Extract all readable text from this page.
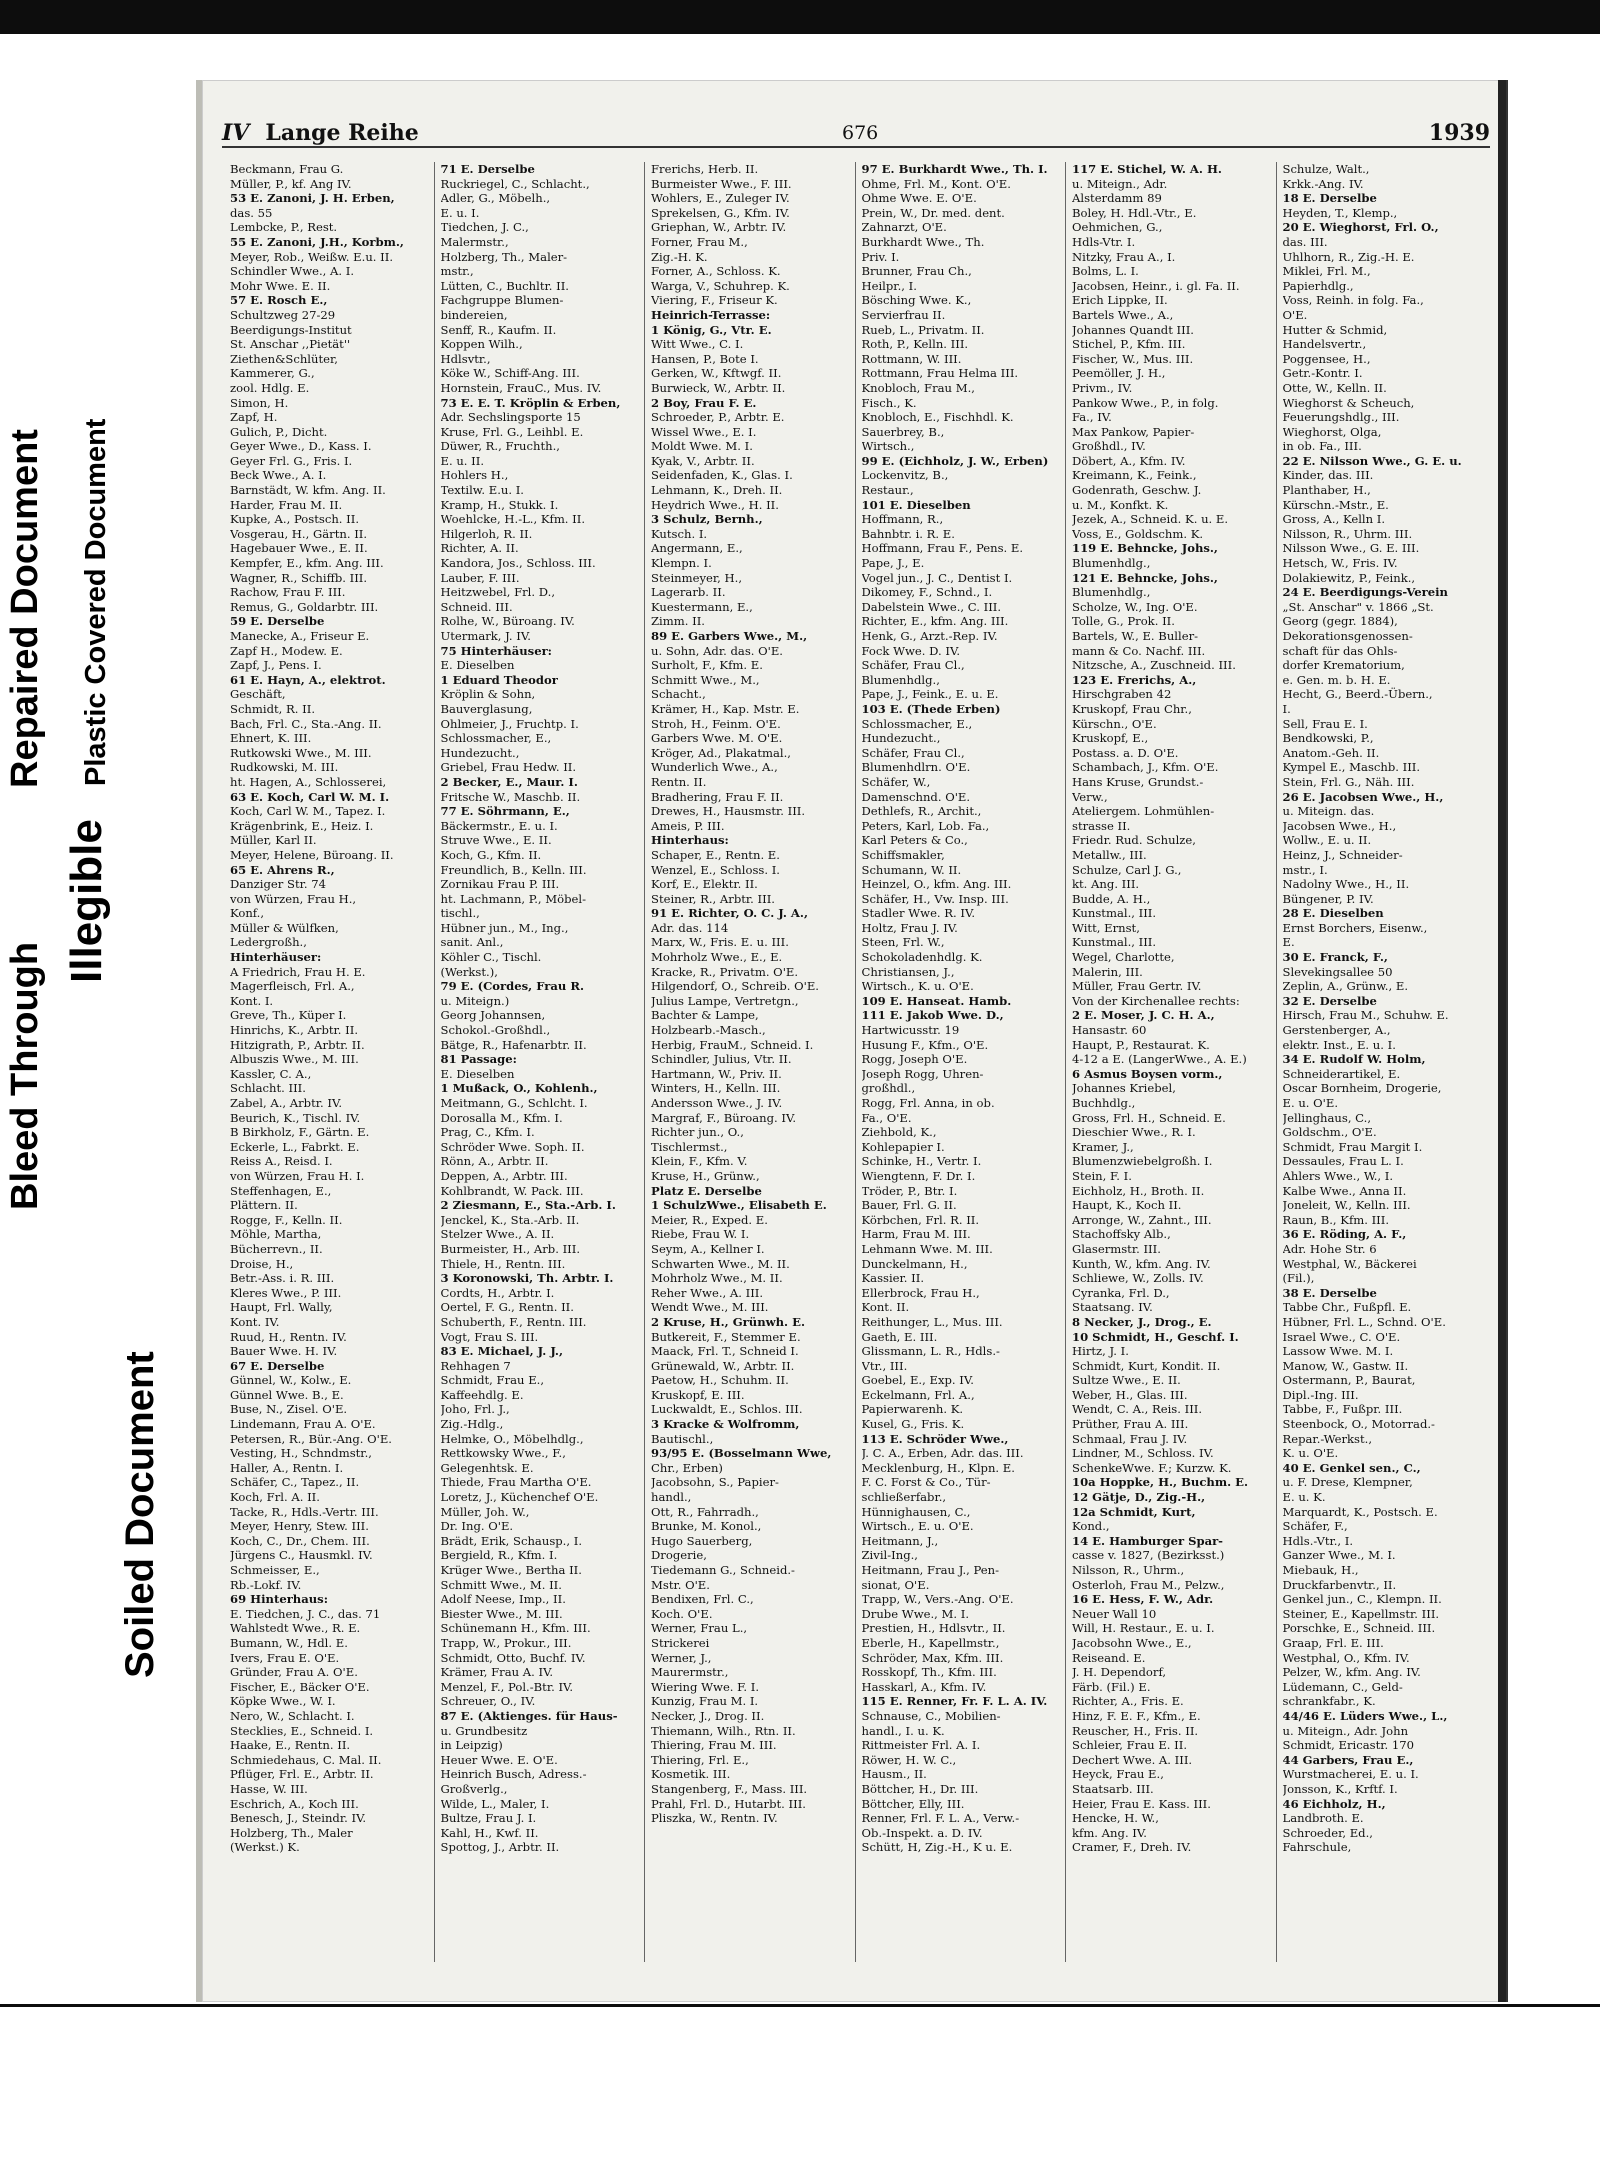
Bleed Through
Repaired Document
Illegible
Plastic Covered Document
Soiled Document
IV Lange Reihe	676	1939
Beckmann, Frau G.
Müller, P., kf. Ang IV.
53 E. Zanoni, J. H. Erben,
das. 55
Lembcke, P., Rest.
55 E. Zanoni, J.H., Korbm.,
Meyer, Rob., Weißw. E.u. II.
Schindler Wwe., A. I.
Mohr Wwe. E. II.
57 E. Rosch E.,
Schultzweg 27-29
Beerdigungs-Institut
St. Anschar ,,Pietät''
Ziethen&Schlüter,
Kammerer, G.,
zool. Hdlg. E.
Simon, H.
Zapf, H.
Gulich, P., Dicht.
Geyer Wwe., D., Kass. I.
Geyer Frl. G., Fris. I.
Beck Wwe., A. I.
Barnstädt, W. kfm. Ang. II.
Harder, Frau M. II.
Kupke, A., Postsch. II.
Vosgerau, H., Gärtn. II.
Hagebauer Wwe., E. II.
Kempfer, E., kfm. Ang. III.
Wagner, R., Schiffb. III.
Rachow, Frau F. III.
Remus, G., Goldarbtr. III.
59 E. Derselbe
Manecke, A., Friseur E.
Zapf H., Modew. E.
Zapf, J., Pens. I.
61 E. Hayn, A., elektrot.
Geschäft,
Schmidt, R. II.
Bach, Frl. C., Sta.-Ang. II.
Ehnert, K. III.
Rutkowski Wwe., M. III.
Rudkowski, M. III.
ht. Hagen, A., Schlosserei,
63 E. Koch, Carl W. M. I.
Koch, Carl W. M., Tapez. I.
Krägenbrink, E., Heiz. I.
Müller, Karl II.
Meyer, Helene, Büroang. II.
65 E. Ahrens R.,
Danziger Str. 74
von Würzen, Frau H.,
Konf.,
Müller & Wülfken,
Ledergroßh.,
Hinterhäuser:
A Friedrich, Frau H. E.
Magerfleisch, Frl. A.,
Kont. I.
Greve, Th., Küper I.
Hinrichs, K., Arbtr. II.
Hitzigrath, P., Arbtr. II.
Albuszis Wwe., M. III.
Kassler, C. A.,
Schlacht. III.
Zabel, A., Arbtr. IV.
Beurich, K., Tischl. IV.
B Birkholz, F., Gärtn. E.
Eckerle, L., Fabrkt. E.
Reiss A., Reisd. I.
von Würzen, Frau H. I.
Steffenhagen, E.,
Plättern. II.
Rogge, F., Kelln. II.
Möhle, Martha,
Bücherrevn., II.
Droise, H.,
Betr.-Ass. i. R. III.
Kleres Wwe., P. III.
Haupt, Frl. Wally,
Kont. IV.
Ruud, H., Rentn. IV.
Bauer Wwe. H. IV.
67 E. Derselbe
Günnel, W., Kolw., E.
Günnel Wwe. B., E.
Buse, N., Zisel. O'E.
Lindemann, Frau A. O'E.
Petersen, R., Bür.-Ang. O'E.
Vesting, H., Schndmstr.,
Haller, A., Rentn. I.
Schäfer, C., Tapez., II.
Koch, Frl. A. II.
Tacke, R., Hdls.-Vertr. III.
Meyer, Henry, Stew. III.
Koch, C., Dr., Chem. III.
Jürgens C., Hausmkl. IV.
Schmeisser, E.,
Rb.-Lokf. IV.
69 Hinterhaus:
E. Tiedchen, J. C., das. 71
Wahlstedt Wwe., R. E.
Bumann, W., Hdl. E.
Ivers, Frau E. O'E.
Gründer, Frau A. O'E.
Fischer, E., Bäcker O'E.
Köpke Wwe., W. I.
Nero, W., Schlacht. I.
Stecklies, E., Schneid. I.
Haake, E., Rentn. II.
Schmiedehaus, C. Mal. II.
Pflüger, Frl. E., Arbtr. II.
Hasse, W. III.
Eschrich, A., Koch III.
Benesch, J., Steindr. IV.
Holzberg, Th., Maler
(Werkst.) K.
71 E. Derselbe
Ruckriegel, C., Schlacht.,
Adler, G., Möbelh.,
E. u. I.
Tiedchen, J. C.,
Malermstr.,
Holzberg, Th., Maler-
mstr.,
Lütten, C., Buchltr. II.
Fachgruppe Blumen-
bindereien,
Senff, R., Kaufm. II.
Koppen Wilh.,
Hdlsvtr.,
Köke W., Schiff-Ang. III.
Hornstein, FrauC., Mus. IV.
73 E. E. T. Kröplin & Erben,
Adr. Sechslingsporte 15
Kruse, Frl. G., Leihbl. E.
Düwer, R., Fruchth.,
E. u. II.
Hohlers H.,
Textilw. E.u. I.
Kramp, H., Stukk. I.
Woehlcke, H.-L., Kfm. II.
Hilgerloh, R. II.
Richter, A. II.
Kandora, Jos., Schloss. III.
Lauber, F. III.
Heitzwebel, Frl. D.,
Schneid. III.
Rolhe, W., Büroang. IV.
Utermark, J. IV.
75 Hinterhäuser:
E. Dieselben
1 Eduard Theodor
Kröplin & Sohn,
Bauverglasung,
Ohlmeier, J., Fruchtp. I.
Schlossmacher, E.,
Hundezucht.,
Griebel, Frau Hedw. II.
2 Becker, E., Maur. I.
Fritsche W., Maschb. II.
77 E. Söhrmann, E.,
Bäckermstr., E. u. I.
Struve Wwe., E. II.
Koch, G., Kfm. II.
Freundlich, B., Kelln. III.
Zornikau Frau P. III.
ht. Lachmann, P., Möbel-
tischl.,
Hübner jun., M., Ing.,
sanit. Anl.,
Köhler C., Tischl.
(Werkst.),
79 E. (Cordes, Frau R.
u. Miteign.)
Georg Johannsen,
Schokol.-Großhdl.,
Bätge, R., Hafenarbtr. II.
81 Passage:
E. Dieselben
1 Mußack, O., Kohlenh.,
Meitmann, G., Schlcht. I.
Dorosalla M., Kfm. I.
Prag, C., Kfm. I.
Schröder Wwe. Soph. II.
Rönn, A., Arbtr. II.
Deppen, A., Arbtr. III.
Kohlbrandt, W. Pack. III.
2 Ziesmann, E., Sta.-Arb. I.
Jenckel, K., Sta.-Arb. II.
Stelzer Wwe., A. II.
Burmeister, H., Arb. III.
Thiele, H., Rentn. III.
3 Koronowski, Th. Arbtr. I.
Cordts, H., Arbtr. I.
Oertel, F. G., Rentn. II.
Schuberth, F., Rentn. III.
Vogt, Frau S. III.
83 E. Michael, J. J.,
Rehhagen 7
Schmidt, Frau E.,
Kaffeehdlg. E.
Joho, Frl. J.,
Zig.-Hdlg.,
Helmke, O., Möbelhdlg.,
Rettkowsky Wwe., F.,
Gelegenhtsk. E.
Thiede, Frau Martha O'E.
Loretz, J., Küchenchef O'E.
Müller, Joh. W.,
Dr. Ing. O'E.
Brädt, Erik, Schausp., I.
Bergield, R., Kfm. I.
Krüger Wwe., Bertha II.
Schmitt Wwe., M. II.
Adolf Neese, Imp., II.
Biester Wwe., M. III.
Schünemann H., Kfm. III.
Trapp, W., Prokur., III.
Schmidt, Otto, Buchf. IV.
Krämer, Frau A. IV.
Menzel, F., Pol.-Btr. IV.
Schreuer, O., IV.
87 E. (Aktienges. für Haus-
u. Grundbesitz
in Leipzig)
Heuer Wwe. E. O'E.
Heinrich Busch, Adress.-
Großverlg.,
Wilde, L., Maler, I.
Bultze, Frau J. I.
Kahl, H., Kwf. II.
Spottog, J., Arbtr. II.
Frerichs, Herb. II.
Burmeister Wwe., F. III.
Wohlers, E., Zuleger IV.
Sprekelsen, G., Kfm. IV.
Griephan, W., Arbtr. IV.
Forner, Frau M.,
Zig.-H. K.
Forner, A., Schloss. K.
Warga, V., Schuhrep. K.
Viering, F., Friseur K.
Heinrich-Terrasse:
1 König, G., Vtr. E.
Witt Wwe., C. I.
Hansen, P., Bote I.
Gerken, W., Kftwgf. II.
Burwieck, W., Arbtr. II.
2 Boy, Frau F. E.
Schroeder, P., Arbtr. E.
Wissel Wwe., E. I.
Moldt Wwe. M. I.
Kyak, V., Arbtr. II.
Seidenfaden, K., Glas. I.
Lehmann, K., Dreh. II.
Heydrich Wwe., H. II.
3 Schulz, Bernh.,
Kutsch. I.
Angermann, E.,
Klempn. I.
Steinmeyer, H.,
Lagerarb. II.
Kuestermann, E.,
Zimm. II.
89 E. Garbers Wwe., M.,
u. Sohn, Adr. das. O'E.
Surholt, F., Kfm. E.
Schmitt Wwe., M.,
Schacht.,
Krämer, H., Kap. Mstr. E.
Stroh, H., Feinm. O'E.
Garbers Wwe. M. O'E.
Kröger, Ad., Plakatmal.,
Wunderlich Wwe., A.,
Rentn. II.
Bradhering, Frau F. II.
Drewes, H., Hausmstr. III.
Ameis, P. III.
Hinterhaus:
Schaper, E., Rentn. E.
Wenzel, E., Schloss. I.
Korf, E., Elektr. II.
Steiner, R., Arbtr. III.
91 E. Richter, O. C. J. A.,
Adr. das. 114
Marx, W., Fris. E. u. III.
Mohrholz Wwe., E., E.
Kracke, R., Privatm. O'E.
Hilgendorf, O., Schreib. O'E.
Julius Lampe, Vertretgn.,
Bachter & Lampe,
Holzbearb.-Masch.,
Herbig, FrauM., Schneid. I.
Schindler, Julius, Vtr. II.
Hartmann, W., Priv. II.
Winters, H., Kelln. III.
Andersson Wwe., J. IV.
Margraf, F., Büroang. IV.
Richter jun., O.,
Tischlermst.,
Klein, F., Kfm. V.
Kruse, H., Grünw.,
Platz E. Derselbe
1 SchulzWwe., Elisabeth E.
Meier, R., Exped. E.
Riebe, Frau W. I.
Seym, A., Kellner I.
Schwarten Wwe., M. II.
Mohrholz Wwe., M. II.
Reher Wwe., A. III.
Wendt Wwe., M. III.
2 Kruse, H., Grünwh. E.
Butkereit, F., Stemmer E.
Maack, Frl. T., Schneid I.
Grünewald, W., Arbtr. II.
Paetow, H., Schuhm. II.
Kruskopf, E. III.
Luckwaldt, E., Schlos. III.
3 Kracke & Wolfromm,
Bautischl.,
93/95 E. (Bosselmann Wwe,
Chr., Erben)
Jacobsohn, S., Papier-
handl.,
Ott, R., Fahrradh.,
Brunke, M. Konol.,
Hugo Sauerberg,
Drogerie,
Tiedemann G., Schneid.-
Mstr. O'E.
Bendixen, Frl. C.,
Koch. O'E.
Werner, Frau L.,
Strickerei
Werner, J.,
Maurermstr.,
Wiering Wwe. F. I.
Kunzig, Frau M. I.
Necker, J., Drog. II.
Thiemann, Wilh., Rtn. II.
Thiering, Frau M. III.
Thiering, Frl. E.,
Kosmetik. III.
Stangenberg, F., Mass. III.
Prahl, Frl. D., Hutarbt. III.
Pliszka, W., Rentn. IV.
97 E. Burkhardt Wwe., Th. I.
Ohme, Frl. M., Kont. O'E.
Ohme Wwe. E. O'E.
Prein, W., Dr. med. dent.
Zahnarzt, O'E.
Burkhardt Wwe., Th.
Priv. I.
Brunner, Frau Ch.,
Heilpr., I.
Bösching Wwe. K.,
Servierfrau II.
Rueb, L., Privatm. II.
Roth, P., Kelln. III.
Rottmann, W. III.
Rottmann, Frau Helma III.
Knobloch, Frau M.,
Fisch., K.
Knobloch, E., Fischhdl. K.
Sauerbrey, B.,
Wirtsch.,
99 E. (Eichholz, J. W., Erben)
Lockenvitz, B.,
Restaur.,
101 E. Dieselben
Hoffmann, R.,
Bahnbtr. i. R. E.
Hoffmann, Frau F., Pens. E.
Pape, J., E.
Vogel jun., J. C., Dentist I.
Dikomey, F., Schnd., I.
Dabelstein Wwe., C. III.
Richter, E., kfm. Ang. III.
Henk, G., Arzt.-Rep. IV.
Fock Wwe. D. IV.
Schäfer, Frau Cl.,
Blumenhdlg.,
Pape, J., Feink., E. u. E.
103 E. (Thede Erben)
Schlossmacher, E.,
Hundezucht.,
Schäfer, Frau Cl.,
Blumenhdlrn. O'E.
Schäfer, W.,
Damenschnd. O'E.
Dethlefs, R., Archit.,
Peters, Karl, Lob. Fa.,
Karl Peters & Co.,
Schiffsmakler,
Schumann, W. II.
Heinzel, O., kfm. Ang. III.
Schäfer, H., Vw. Insp. III.
Stadler Wwe. R. IV.
Holtz, Frau J. IV.
Steen, Frl. W.,
Schokoladenhdlg. K.
Christiansen, J.,
Wirtsch., K. u. O'E.
109 E. Hanseat. Hamb.
111 E. Jakob Wwe. D.,
Hartwicusstr. 19
Husung F., Kfm., O'E.
Rogg, Joseph O'E.
Joseph Rogg, Uhren-
großhdl.,
Rogg, Frl. Anna, in ob.
Fa., O'E.
Ziehbold, K.,
Kohlepapier I.
Schinke, H., Vertr. I.
Wiengtenn, F. Dr. I.
Tröder, P., Btr. I.
Bauer, Frl. G. II.
Körbchen, Frl. R. II.
Harm, Frau M. III.
Lehmann Wwe. M. III.
Dunckelmann, H.,
Kassier. II.
Ellerbrock, Frau H.,
Kont. II.
Reithunger, L., Mus. III.
Gaeth, E. III.
Glissmann, L. R., Hdls.-
Vtr., III.
Goebel, E., Exp. IV.
Eckelmann, Frl. A.,
Papierwarenh. K.
Kusel, G., Fris. K.
113 E. Schröder Wwe.,
J. C. A., Erben, Adr. das. III.
Mecklenburg, H., Klpn. E.
F. C. Forst & Co., Tür-
schließerfabr.,
Hünnighausen, C.,
Wirtsch., E. u. O'E.
Heitmann, J.,
Zivil-Ing.,
Heitmann, Frau J., Pen-
sionat, O'E.
Trapp, W., Vers.-Ang. O'E.
Drube Wwe., M. I.
Prestien, H., Hdlsvtr., II.
Eberle, H., Kapellmstr.,
Schröder, Max, Kfm. III.
Rosskopf, Th., Kfm. III.
Hasskarl, A., Kfm. IV.
115 E. Renner, Fr. F. L. A. IV.
Schnause, C., Mobilien-
handl., I. u. K.
Rittmeister Frl. A. I.
Röwer, H. W. C.,
Hausm., II.
Böttcher, H., Dr. III.
Böttcher, Elly, III.
Renner, Frl. F. L. A., Verw.-
Ob.-Inspekt. a. D. IV.
Schütt, H, Zig.-H., K u. E.
117 E. Stichel, W. A. H.
u. Miteign., Adr.
Alsterdamm 89
Boley, H. Hdl.-Vtr., E.
Oehmichen, G.,
Hdls-Vtr. I.
Nitzky, Frau A., I.
Bolms, L. I.
Jacobsen, Heinr., i. gl. Fa. II.
Erich Lippke, II.
Bartels Wwe., A.,
Johannes Quandt III.
Stichel, P., Kfm. III.
Fischer, W., Mus. III.
Peemöller, J. H.,
Privm., IV.
Pankow Wwe., P., in folg.
Fa., IV.
Max Pankow, Papier-
Großhdl., IV.
Döbert, A., Kfm. IV.
Kreimann, K., Feink.,
Godenrath, Geschw. J.
u. M., Konfkt. K.
Jezek, A., Schneid. K. u. E.
Voss, E., Goldschm. K.
119 E. Behncke, Johs.,
Blumenhdlg.,
121 E. Behncke, Johs.,
Blumenhdlg.,
Scholze, W., Ing. O'E.
Tolle, G., Prok. II.
Bartels, W., E. Buller-
mann & Co. Nachf. III.
Nitzsche, A., Zuschneid. III.
123 E. Frerichs, A.,
Hirschgraben 42
Kruskopf, Frau Chr.,
Kürschn., O'E.
Kruskopf, E.,
Postass. a. D. O'E.
Schambach, J., Kfm. O'E.
Hans Kruse, Grundst.-
Verw.,
Ateliergem. Lohmühlen-
strasse II.
Friedr. Rud. Schulze,
Metallw., III.
Schulze, Carl J. G.,
kt. Ang. III.
Budde, A. H.,
Kunstmal., III.
Witt, Ernst,
Kunstmal., III.
Wegel, Charlotte,
Malerin, III.
Müller, Frau Gertr. IV.
Von der Kirchenallee rechts:
2 E. Moser, J. C. H. A.,
Hansastr. 60
Haupt, P., Restaurat. K.
4-12 a E. (LangerWwe., A. E.)
6 Asmus Boysen vorm.,
Johannes Kriebel,
Buchhdlg.,
Gross, Frl. H., Schneid. E.
Dieschier Wwe., R. I.
Kramer, J.,
Blumenzwiebelgroßh. I.
Stein, F. I.
Eichholz, H., Broth. II.
Haupt, K., Koch II.
Arronge, W., Zahnt., III.
Stachoffsky Alb.,
Glasermstr. III.
Kunth, W., kfm. Ang. IV.
Schliewe, W., Zolls. IV.
Cyranka, Frl. D.,
Staatsang. IV.
8 Necker, J., Drog., E.
10 Schmidt, H., Geschf. I.
Hirtz, J. I.
Schmidt, Kurt, Kondit. II.
Sultze Wwe., E. II.
Weber, H., Glas. III.
Wendt, C. A., Reis. III.
Prüther, Frau A. III.
Schmaal, Frau J. IV.
Lindner, M., Schloss. IV.
SchenkeWwe. F.; Kurzw. K.
10a Hoppke, H., Buchm. E.
12 Gätje, D., Zig.-H.,
12a Schmidt, Kurt,
Kond.,
14 E. Hamburger Spar-
casse v. 1827, (Bezirksst.)
Nilsson, R., Uhrm.,
Osterloh, Frau M., Pelzw.,
16 E. Hess, F. W., Adr.
Neuer Wall 10
Will, H. Restaur., E. u. I.
Jacobsohn Wwe., E.,
Reiseand. E.
J. H. Dependorf,
Färb. (Fil.) E.
Richter, A., Fris. E.
Hinz, F. E. F., Kfm., E.
Reuscher, H., Fris. II.
Schleier, Frau E. II.
Dechert Wwe. A. III.
Heyck, Frau E.,
Staatsarb. III.
Heier, Frau E. Kass. III.
Hencke, H. W.,
kfm. Ang. IV.
Cramer, F., Dreh. IV.
Schulze, Walt.,
Krkk.-Ang. IV.
18 E. Derselbe
Heyden, T., Klemp.,
20 E. Wieghorst, Frl. O.,
das. III.
Uhlhorn, R., Zig.-H. E.
Miklei, Frl. M.,
Papierhdlg.,
Voss, Reinh. in folg. Fa.,
O'E.
Hutter & Schmid,
Handelsvertr.,
Poggensee, H.,
Getr.-Kontr. I.
Otte, W., Kelln. II.
Wieghorst & Scheuch,
Feuerungshdlg., III.
Wieghorst, Olga,
in ob. Fa., III.
22 E. Nilsson Wwe., G. E. u.
Kinder, das. III.
Planthaber, H.,
Kürschn.-Mstr., E.
Gross, A., Kelln I.
Nilsson, R., Uhrm. III.
Nilsson Wwe., G. E. III.
Hetsch, W., Fris. IV.
Dolakiewitz, P., Feink.,
24 E. Beerdigungs-Verein
„St. Anschar" v. 1866 „St.
Georg (gegr. 1884),
Dekorationsgenossen-
schaft für das Ohls-
dorfer Krematorium,
e. Gen. m. b. H. E.
Hecht, G., Beerd.-Übern.,
I.
Sell, Frau E. I.
Bendkowski, P.,
Anatom.-Geh. II.
Kympel E., Maschb. III.
Stein, Frl. G., Näh. III.
26 E. Jacobsen Wwe., H.,
u. Miteign. das.
Jacobsen Wwe., H.,
Wollw., E. u. II.
Heinz, J., Schneider-
mstr., I.
Nadolny Wwe., H., II.
Büngener, P. IV.
28 E. Dieselben
Ernst Borchers, Eisenw.,
E.
30 E. Franck, F.,
Slevekingsallee 50
Zeplin, A., Grünw., E.
32 E. Derselbe
Hirsch, Frau M., Schuhw. E.
Gerstenberger, A.,
elektr. Inst., E. u. I.
34 E. Rudolf W. Holm,
Schneiderartikel, E.
Oscar Bornheim, Drogerie,
E. u. O'E.
Jellinghaus, C.,
Goldschm., O'E.
Schmidt, Frau Margit I.
Dessaules, Frau L. I.
Ahlers Wwe., W., I.
Kalbe Wwe., Anna II.
Joneleit, W., Kelln. III.
Raun, B., Kfm. III.
36 E. Röding, A. F.,
Adr. Hohe Str. 6
Westphal, W., Bäckerei
(Fil.),
38 E. Derselbe
Tabbe Chr., Fußpfl. E.
Hübner, Frl. L., Schnd. O'E.
Israel Wwe., C. O'E.
Lassow Wwe. M. I.
Manow, W., Gastw. II.
Ostermann, P., Baurat,
Dipl.-Ing. III.
Tabbe, F., Fußpr. III.
Steenbock, O., Motorrad.-
Repar.-Werkst.,
K. u. O'E.
40 E. Genkel sen., C.,
u. F. Drese, Klempner,
E. u. K.
Marquardt, K., Postsch. E.
Schäfer, F.,
Hdls.-Vtr., I.
Ganzer Wwe., M. I.
Miebauk, H.,
Druckfarbenvtr., II.
Genkel jun., C., Klempn. II.
Steiner, E., Kapellmstr. III.
Porschke, E., Schneid. III.
Graap, Frl. E. III.
Westphal, O., Kfm. IV.
Pelzer, W., kfm. Ang. IV.
Lüdemann, C., Geld-
schrankfabr., K.
44/46 E. Lüders Wwe., L.,
u. Miteign., Adr. John
Schmidt, Ericastr. 170
44 Garbers, Frau E.,
Wurstmacherei, E. u. I.
Jonsson, K., Krftf. I.
46 Eichholz, H.,
Landbroth. E.
Schroeder, Ed.,
Fahrschule,
